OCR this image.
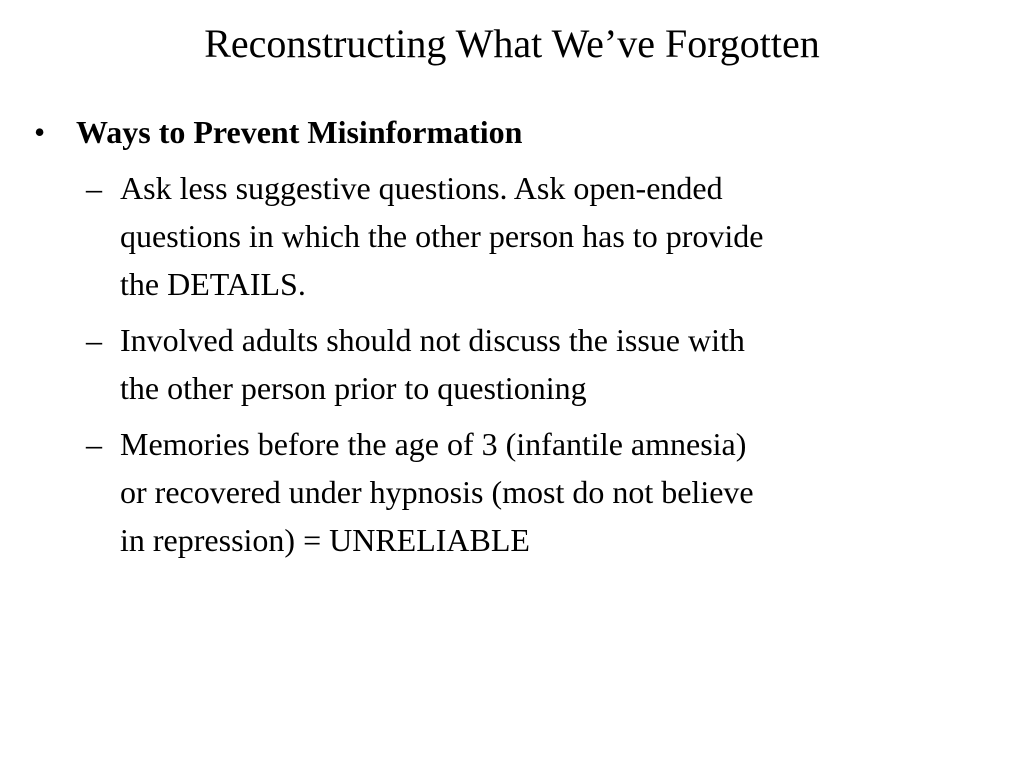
Reconstructing What We’ve Forgotten
• Ways to Prevent Misinformation
– Ask less suggestive questions. Ask open-ended
questions in which the other person has to provide
the DETAILS.
– Involved adults should not discuss the issue with
the other person prior to questioning
– Memories before the age of 3 (infantile amnesia)
or recovered under hypnosis (most do not believe
in repression) = UNRELIABLE
